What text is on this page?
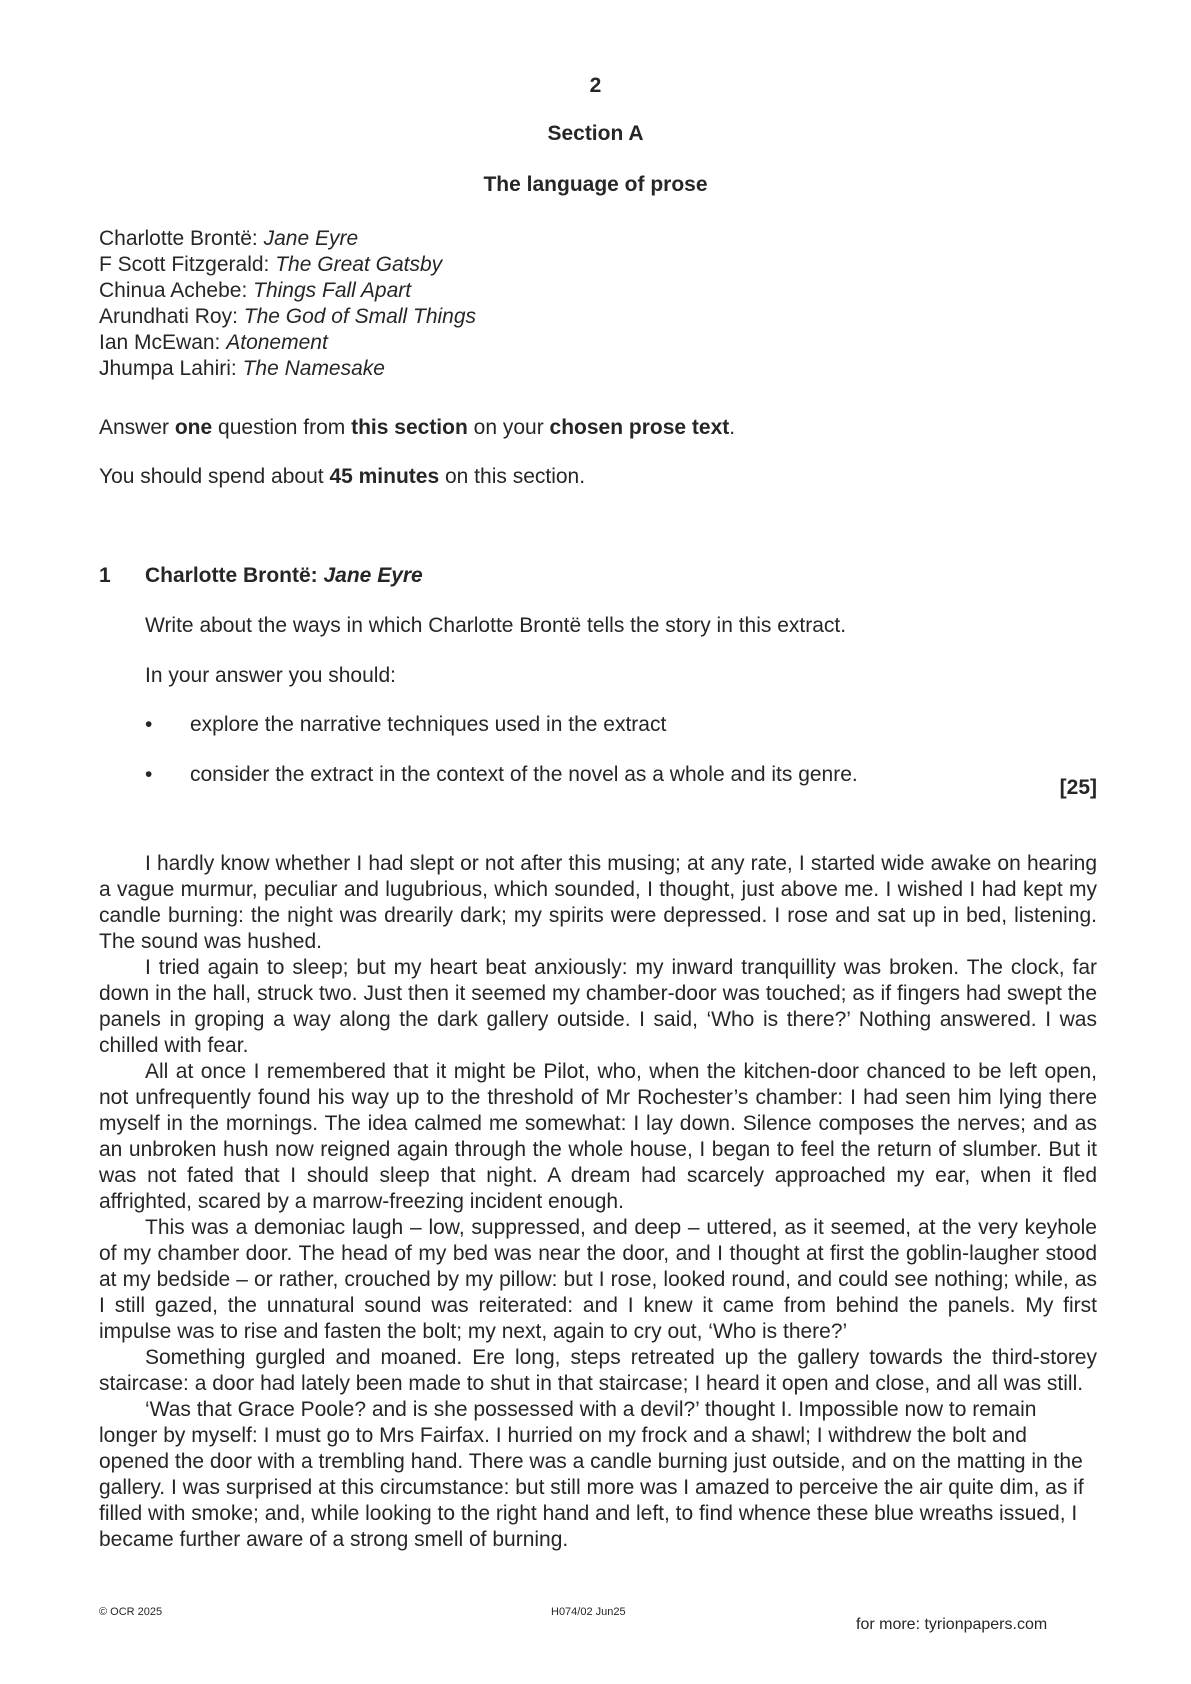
2
Section A
The language of prose
Charlotte Brontë: Jane Eyre
F Scott Fitzgerald: The Great Gatsby
Chinua Achebe: Things Fall Apart
Arundhati Roy: The God of Small Things
Ian McEwan: Atonement
Jhumpa Lahiri: The Namesake
Answer one question from this section on your chosen prose text.
You should spend about 45 minutes on this section.
1 Charlotte Brontë: Jane Eyre
Write about the ways in which Charlotte Brontë tells the story in this extract.
In your answer you should:
• explore the narrative techniques used in the extract
• consider the extract in the context of the novel as a whole and its genre.
[25]

I hardly know whether I had slept or not after this musing; at any rate, I started wide awake on hearing a vague murmur, peculiar and lugubrious, which sounded, I thought, just above me. I wished I had kept my candle burning: the night was drearily dark; my spirits were depressed. I rose and sat up in bed, listening. The sound was hushed.

I tried again to sleep; but my heart beat anxiously: my inward tranquillity was broken. The clock, far down in the hall, struck two. Just then it seemed my chamber-door was touched; as if fingers had swept the panels in groping a way along the dark gallery outside. I said, ‘Who is there?’ Nothing answered. I was chilled with fear.

All at once I remembered that it might be Pilot, who, when the kitchen-door chanced to be left open, not unfrequently found his way up to the threshold of Mr Rochester’s chamber: I had seen him lying there myself in the mornings. The idea calmed me somewhat: I lay down. Silence composes the nerves; and as an unbroken hush now reigned again through the whole house, I began to feel the return of slumber. But it was not fated that I should sleep that night. A dream had scarcely approached my ear, when it fled affrighted, scared by a marrow-freezing incident enough.

This was a demoniac laugh – low, suppressed, and deep – uttered, as it seemed, at the very keyhole of my chamber door. The head of my bed was near the door, and I thought at first the goblin-laugher stood at my bedside – or rather, crouched by my pillow: but I rose, looked round, and could see nothing; while, as I still gazed, the unnatural sound was reiterated: and I knew it came from behind the panels. My first impulse was to rise and fasten the bolt; my next, again to cry out, ‘Who is there?’

Something gurgled and moaned. Ere long, steps retreated up the gallery towards the third-storey staircase: a door had lately been made to shut in that staircase; I heard it open and close, and all was still.

‘Was that Grace Poole? and is she possessed with a devil?’ thought I. Impossible now to remain longer by myself: I must go to Mrs Fairfax. I hurried on my frock and a shawl; I withdrew the bolt and opened the door with a trembling hand. There was a candle burning just outside, and on the matting in the gallery. I was surprised at this circumstance: but still more was I amazed to perceive the air quite dim, as if filled with smoke; and, while looking to the right hand and left, to find whence these blue wreaths issued, I became further aware of a strong smell of burning.

© OCR 2025	H074/02 Jun25
for more: tyrionpapers.com
